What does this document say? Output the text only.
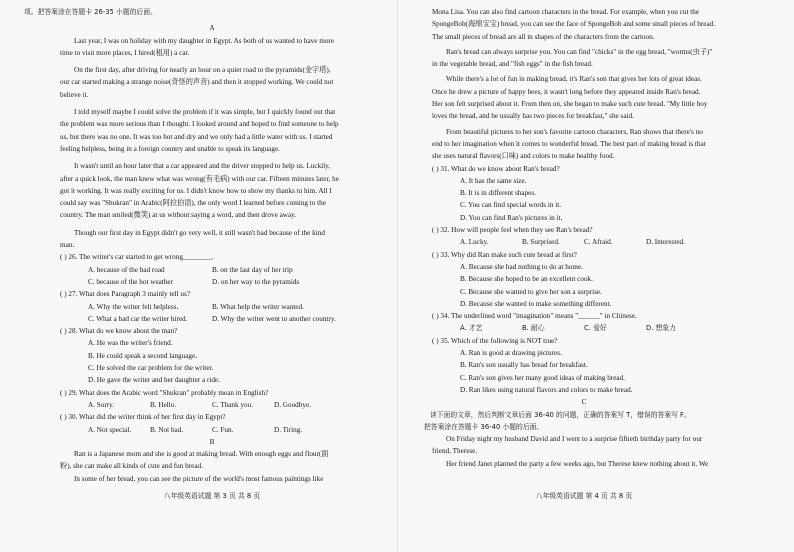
项。把答案涂在答题卡 26-35 小题的后面。

A

Last year, I was on holiday with my daughter in Egypt. As both of us wanted to have more

time to visit more places, I hired(租用) a car.

On the first day, after driving for nearly an hour on a quiet road to the pyramids(金字塔),

our car started making a strange noise(奇怪的声音) and then it stopped working. We could not

believe it.

I told myself maybe I could solve the problem if it was simple, but I quickly found out that

the problem was more serious than I thought. I looked around and hoped to find someone to help

us, but there was no one. It was too hot and dry and we only had a little water with us. I started

feeling helpless, being in a foreign country and unable to speak its language.

It wasn't until an hour later that a car appeared and the driver stopped to help us. Luckily,

after a quick look, the man knew what was wrong(有毛病) with our car. Fifteen minutes later, he

got it working. It was really exciting for us. I didn't know how to show my thanks to him. All I

could say was "Shukran" in Arabic(阿拉伯语), the only word I learned before coming to the

country. The man smiled(微笑) at us without saying a word, and then drove away.

Though our first day in Egypt didn't go very well, it still wasn't bad because of the kind

man.

( ) 26. The writer's car started to get wrong________.

A. because of the bad road	B. on the last day of her trip
C. because of the hot weather	D. on her way to the pyramids

( ) 27. What does Paragraph 3 mainly tell us?

A. Why the writer felt helpless.	B. What help the writer wanted.
C. What a bad car the writer hired.	D. Why the writer went to another country.

( ) 28. What do we know about the man?

A. He was the writer's friend.

B. He could speak a second language.

C. He solved the car problem for the writer.

D. He gave the writer and her daughter a ride.

( ) 29. What does the Arabic word "Shukran" probably mean in English?

A. Sorry.	B. Hello.	C. Thank you.	D. Goodbye.

( ) 30. What did the writer think of her first day in Egypt?

A. Not special.	B. Not bad.	C. Fun.	D. Tiring.

B

Ran is a Japanese mom and she is good at making bread. With enough eggs and flour(面

粉), she can make all kinds of cute and fun bread.

In some of her bread, you can see the picture of the world's most famous paintings like

八年级英语试题 第 3 页 共 8 页

Mona Lisa. You can also find cartoon characters in the bread. For example, when you cut the

SpongeBob(海绵宝宝) bread, you can see the face of SpongeBob and some small pieces of bread.

The small pieces of bread are all in shapes of the characters from the cartoon.

Ran's bread can always surprise you. You can find "chicks" in the egg bread, "worms(虫子)"

in the vegetable bread, and "fish eggs" in the fish bread.

While there's a lot of fun in making bread, it's Ran's son that gives her lots of great ideas.

Once he drew a picture of happy bees, it wasn't long before they appeared inside Ran's bread.

Her son felt surprised about it. From then on, she began to make such cute bread. "My little boy

loves the bread, and he usually has two pieces for breakfast," she said.

From beautiful pictures to her son's favorite cartoon characters, Ran shows that there's no

end to her imagination when it comes to wonderful bread. The best part of making bread is that

she uses natural flavors(口味) and colors to make healthy food.

( ) 31. What do we know about Ran's bread?

A. It has the same size.

B. It is in different shapes.

C. You can find special words in it.

D. You can find Ran's pictures in it.

( ) 32. How will people feel when they see Ran's bread?

A. Lucky.	B. Surprised.	C. Afraid.	D. Interested.

( ) 33. Why did Ran make such cute bread at first?

A. Because she had nothing to do at home.

B. Because she hoped to be an excellent cook.

C. Because she wanted to give her son a surprise.

D. Because she wanted to make something different.

( ) 34. The underlined word "imagination" means "______" in Chinese.

A. 才艺	B. 耐心	C. 爱好	D. 想象力

( ) 35. Which of the following is NOT true?

A. Ran is good at drawing pictures.

B. Ran's son usually has bread for breakfast.

C. Ran's son gives her many good ideas of making bread.

D. Ran likes using natural flavors and colors to make bread.

C

读下面的文章，然后判断文章后面 36-40 的问题，正确的答案写 T，错误的答案写 F。

把答案涂在答题卡 36-40 小题的后面。

On Friday night my husband David and I went to a surprise fiftieth birthday party for our

friend, Therese.

Her friend Janet planned the party a few weeks ago, but Therese knew nothing about it. We

八年级英语试题 第 4 页 共 8 页
